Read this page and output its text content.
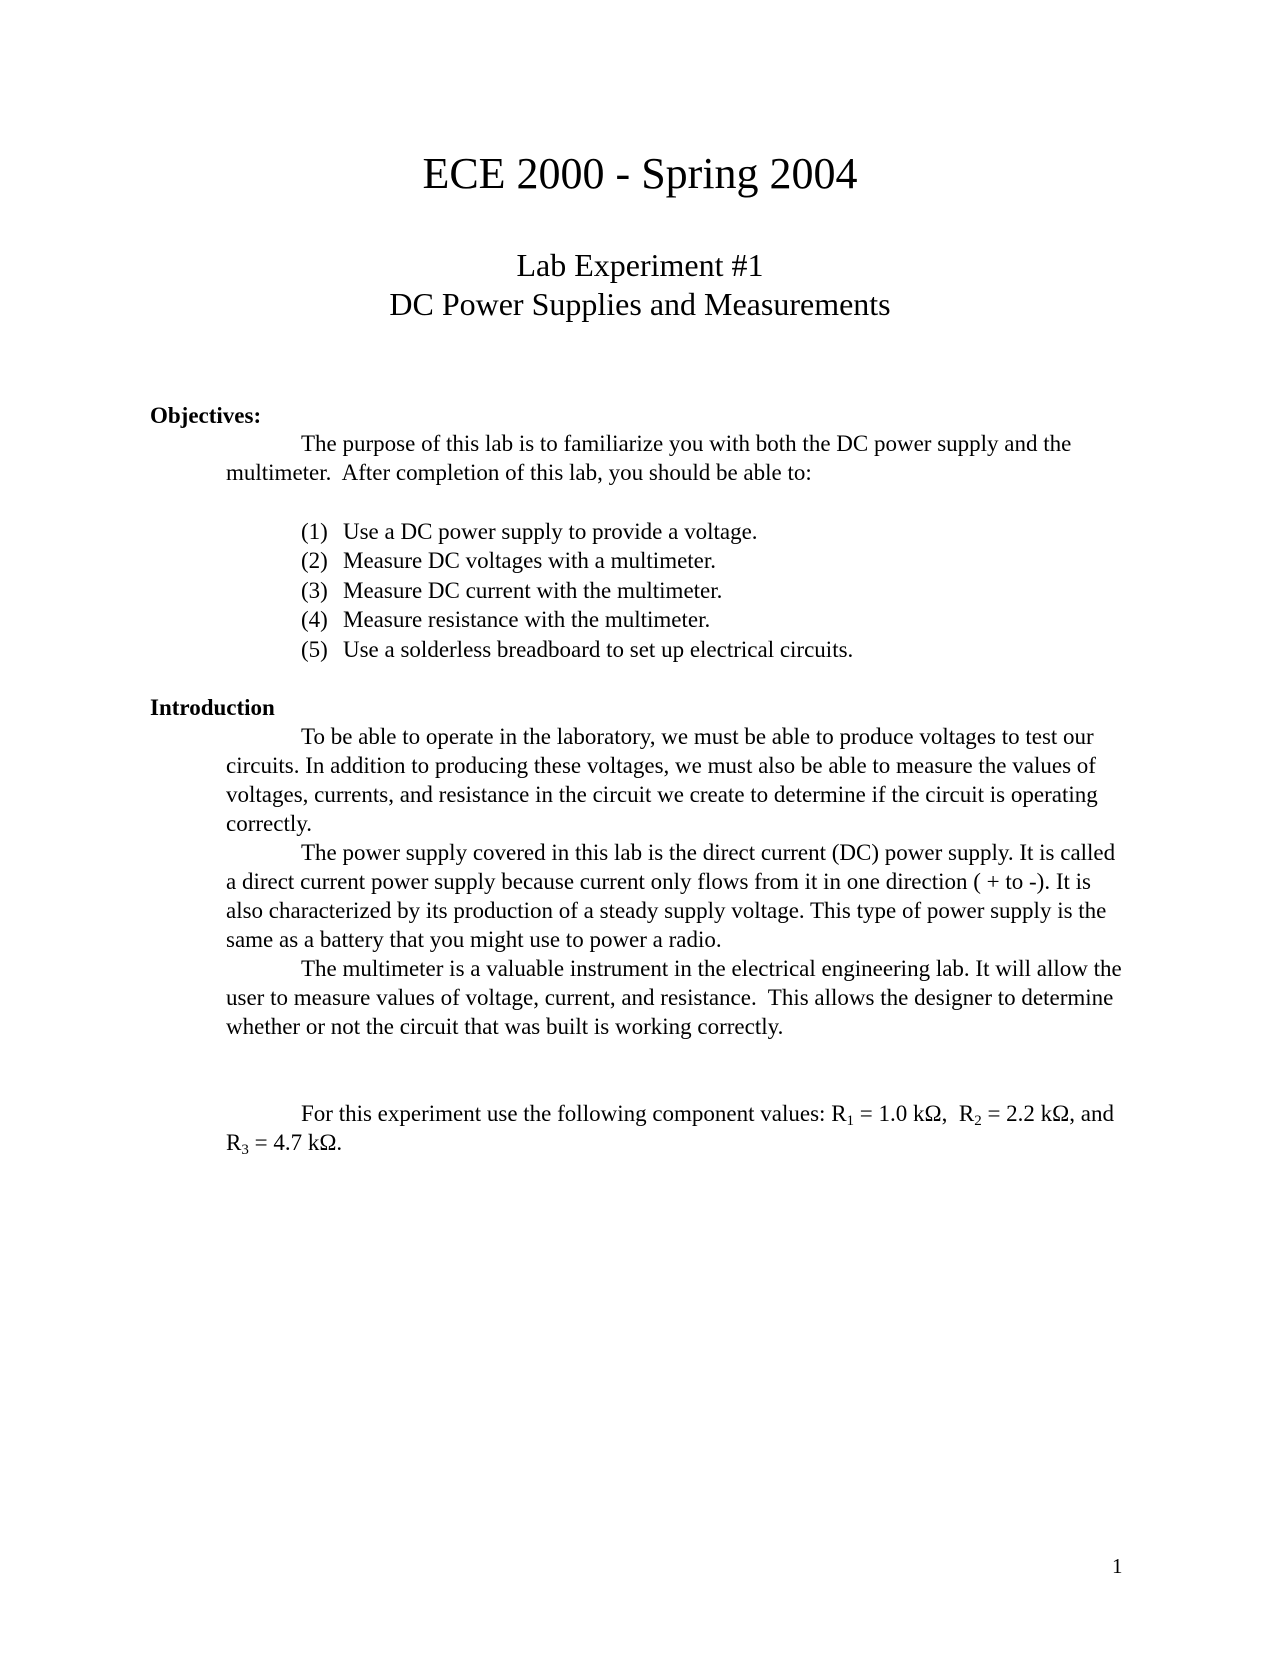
ECE 2000 - Spring 2004
Lab Experiment #1
DC Power Supplies and Measurements
Objectives:

The purpose of this lab is to familiarize you with both the DC power supply and the multimeter.  After completion of this lab, you should be able to:

(1) Use a DC power supply to provide a voltage.
(2) Measure DC voltages with a multimeter.
(3) Measure DC current with the multimeter.
(4) Measure resistance with the multimeter.
(5) Use a solderless breadboard to set up electrical circuits.
Introduction

To be able to operate in the laboratory, we must be able to produce voltages to test our circuits. In addition to producing these voltages, we must also be able to measure the values of voltages, currents, and resistance in the circuit we create to determine if the circuit is operating correctly.

The power supply covered in this lab is the direct current (DC) power supply. It is called a direct current power supply because current only flows from it in one direction ( + to -). It is also characterized by its production of a steady supply voltage. This type of power supply is the same as a battery that you might use to power a radio.

The multimeter is a valuable instrument in the electrical engineering lab. It will allow the user to measure values of voltage, current, and resistance.  This allows the designer to determine whether or not the circuit that was built is working correctly.

For this experiment use the following component values: $R_1 = 1.0$ kΩ,  $R_2 = 2.2$ kΩ, and $R_3 = 4.7$ kΩ.

1
